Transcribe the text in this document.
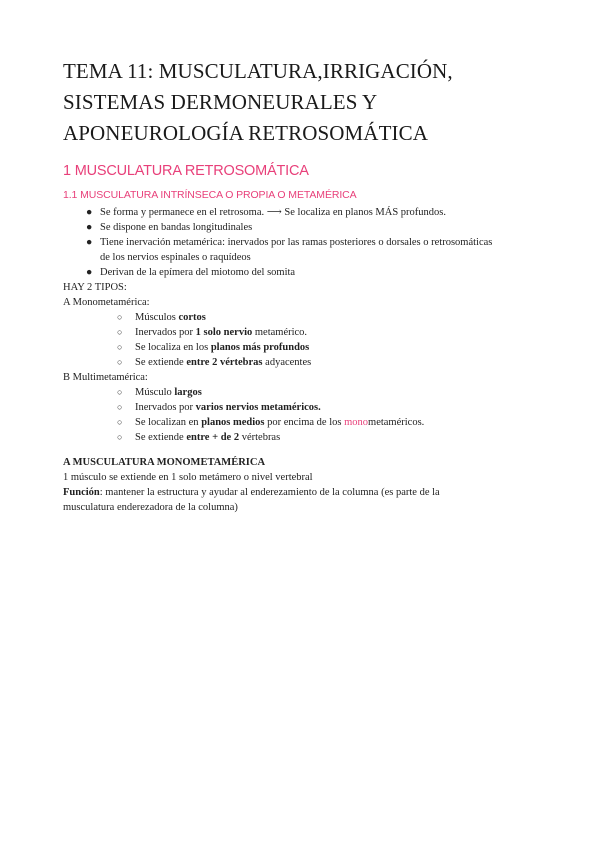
TEMA 11: MUSCULATURA,IRRIGACIÓN,
SISTEMAS DERMONEURALES Y
APONEUROLOGÍA RETROSOMÁTICA
1 MUSCULATURA RETROSOMÁTICA
1.1 MUSCULATURA INTRÍNSECA O PROPIA O METAMÉRICA
● Se forma y permanece en el retrosoma. ⟶ Se localiza en planos MÁS profundos.
● Se dispone en bandas longitudinales
● Tiene inervación metamérica: inervados por las ramas posteriores o dorsales o retrosomáticas
de los nervios espinales o raquídeos
● Derivan de la epímera del miotomo del somita
HAY 2 TIPOS:
A Monometamérica:
○ Músculos cortos
○ Inervados por 1 solo nervio metamérico.
○ Se localiza en los planos más profundos
○ Se extiende entre 2 vértebras adyacentes
B Multimetamérica:
○ Músculo largos
○ Inervados por varios nervios metaméricos.
○ Se localizan en planos medios por encima de los monometaméricos.
○ Se extiende entre + de 2 vértebras
A MUSCULATURA MONOMETAMÉRICA
1 músculo se extiende en 1 solo metámero o nivel vertebral
Función: mantener la estructura y ayudar al enderezamiento de la columna (es parte de la
musculatura enderezadora de la columna)
